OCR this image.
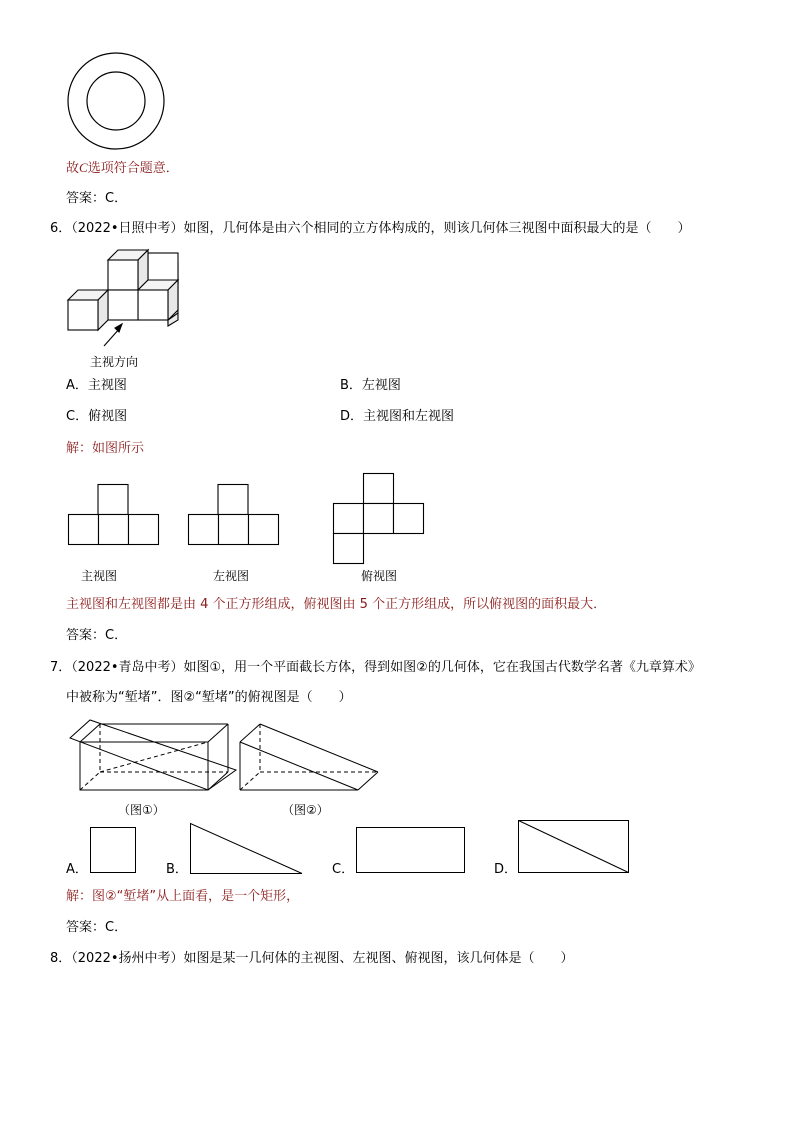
故C选项符合题意．
答案：C．
6．（2022•日照中考）如图，几何体是由六个相同的立方体构成的，则该几何体三视图中面积最大的是（　　）
主视方向
A．主视图	B．左视图
C．俯视图	D．主视图和左视图
解：如图所示
主视图	左视图	俯视图
主视图和左视图都是由 4 个正方形组成，俯视图由 5 个正方形组成，所以俯视图的面积最大．
答案：C．
7．（2022•青岛中考）如图①，用一个平面截长方体，得到如图②的几何体，它在我国古代数学名著《九章算术》
中被称为“堑堵”．图②“堑堵”的俯视图是（　　）
（图①）	（图②）
A．	B．	C．	D．
解：图②“堑堵”从上面看，是一个矩形，
答案：C．
8．（2022•扬州中考）如图是某一几何体的主视图、左视图、俯视图，该几何体是（　　）
